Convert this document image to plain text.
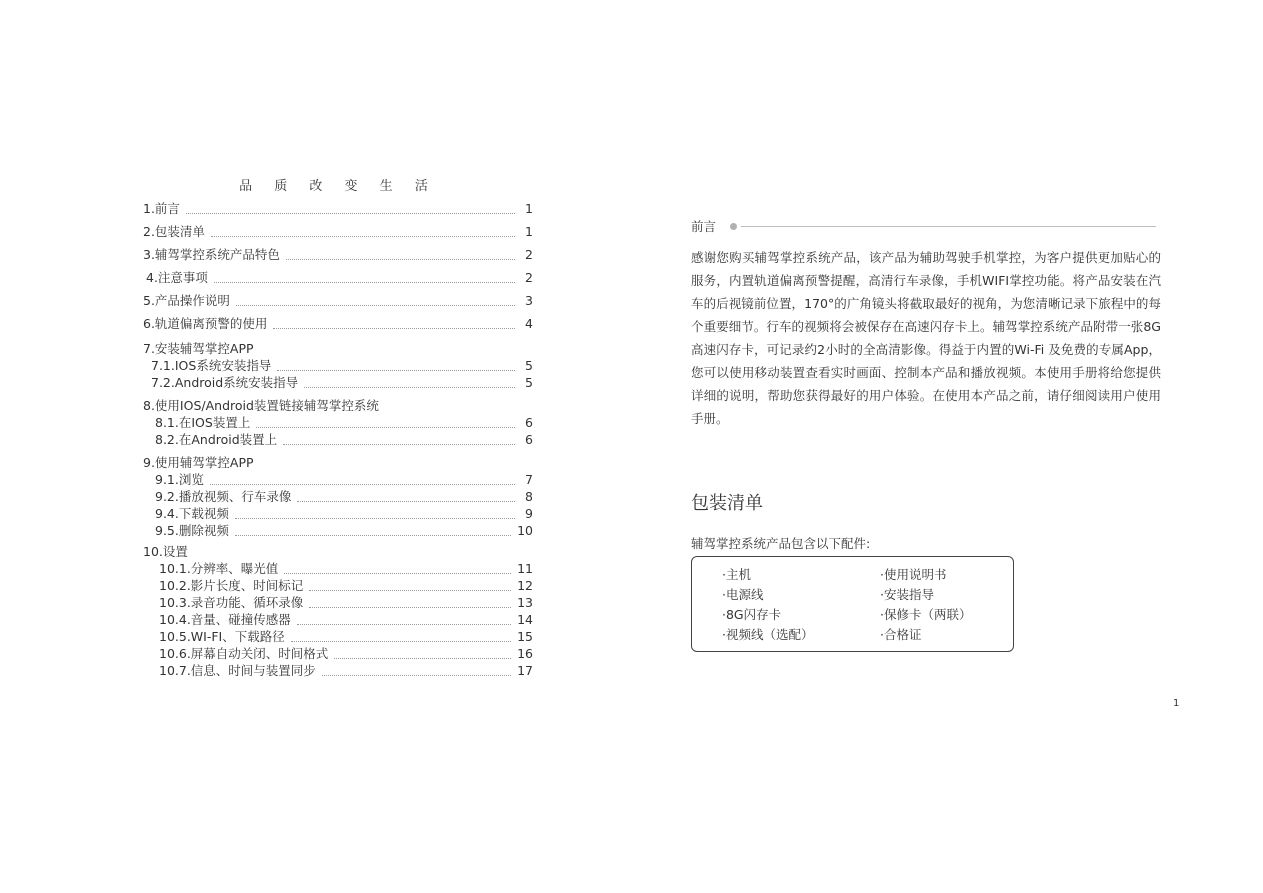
品 质 改 变 生 活
1.前言	1
2.包装清单	1
3.辅驾掌控系统产品特色	2
4.注意事项	2
5.产品操作说明	3
6.轨道偏离预警的使用	4
7.安装辅驾掌控APP
7.1.IOS系统安装指导	5
7.2.Android系统安装指导	5
8.使用IOS/Android装置链接辅驾掌控系统
8.1.在IOS装置上	6
8.2.在Android装置上	6
9.使用辅驾掌控APP
9.1.浏览	7
9.2.播放视频、行车录像	8
9.4.下载视频	9
9.5.删除视频	10
10.设置
10.1.分辨率、曝光值	11
10.2.影片长度、时间标记	12
10.3.录音功能、循环录像	13
10.4.音量、碰撞传感器	14
10.5.WI-FI、下载路径	15
10.6.屏幕自动关闭、时间格式	16
10.7.信息、时间与装置同步	17
前言

感谢您购买辅驾掌控系统产品，该产品为辅助驾驶手机掌控，为客户提供更加贴心的服务，内置轨道偏离预警提醒，高清行车录像，手机WIFI掌控功能。将产品安装在汽车的后视镜前位置，170°的广角镜头将截取最好的视角，为您清晰记录下旅程中的每个重要细节。行车的视频将会被保存在高速闪存卡上。辅驾掌控系统产品附带一张8G高速闪存卡，可记录约2小时的全高清影像。得益于内置的Wi-Fi 及免费的专属App，您可以使用移动装置查看实时画面、控制本产品和播放视频。本使用手册将给您提供详细的说明，帮助您获得最好的用户体验。在使用本产品之前，请仔细阅读用户使用手册。

包装清单
辅驾掌控系统产品包含以下配件:
·主机
·电源线
·8G闪存卡
·视频线（选配）
·使用说明书
·安装指导
·保修卡（两联）
·合格证
1
